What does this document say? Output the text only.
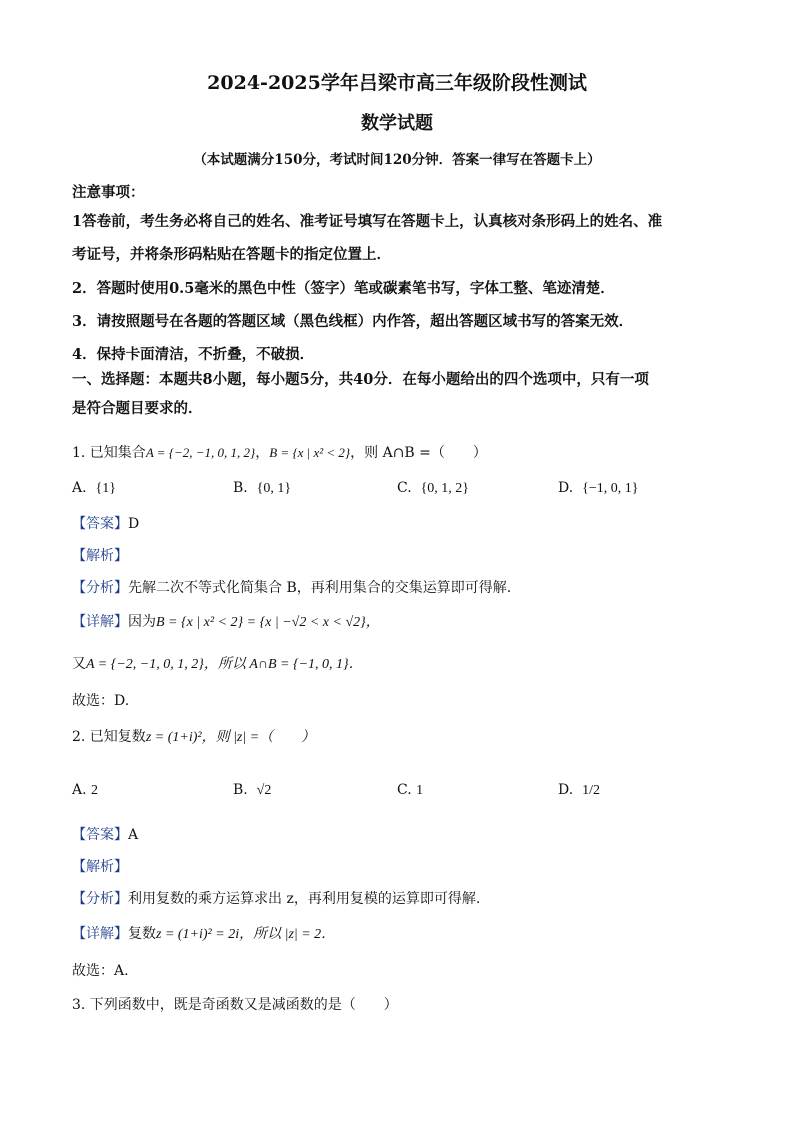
2024-2025学年吕梁市高三年级阶段性测试
数学试题
（本试题满分150分，考试时间120分钟．答案一律写在答题卡上）
注意事项：
1答卷前，考生务必将自己的姓名、准考证号填写在答题卡上，认真核对条形码上的姓名、准
考证号，并将条形码粘贴在答题卡的指定位置上．
2．答题时使用0.5毫米的黑色中性（签字）笔或碳素笔书写，字体工整、笔迹清楚．
3．请按照题号在各题的答题区域（黑色线框）内作答，超出答题区域书写的答案无效．
4．保持卡面清洁，不折叠，不破损．
一、选择题：本题共8小题，每小题5分，共40分．在每小题给出的四个选项中，只有一项
是符合题目要求的．
1. 已知集合A = {−2, −1, 0, 1, 2}，B = {x | x² < 2}，则 A∩B =（　　）
A. {1}	B. {0, 1}	C. {0, 1, 2}	D. {−1, 0, 1}
【答案】D
【解析】
【分析】先解二次不等式化简集合 B，再利用集合的交集运算即可得解.
【详解】因为B = {x | x² < 2} = {x | −√2 < x < √2}，
又A = {−2, −1, 0, 1, 2}，所以 A∩B = {−1, 0, 1}．
故选：D.
2. 已知复数z = (1+i)²，则 |z| =（　　）
A. 2	B. √2	C. 1	D. 1/2
【答案】A
【解析】
【分析】利用复数的乘方运算求出 z，再利用复模的运算即可得解.
【详解】复数z = (1+i)² = 2i，所以 |z| = 2．
故选：A.
3. 下列函数中，既是奇函数又是减函数的是（　　）
